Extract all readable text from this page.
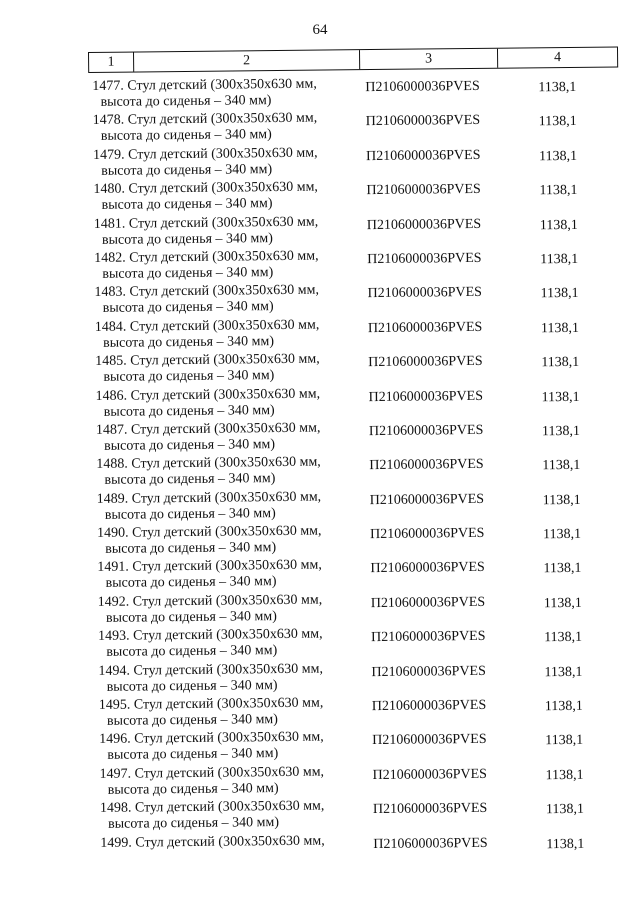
64
1	2	3	4
1477. Стул детский (300x350x630 мм,
высота до сиденья – 340 мм)
П2106000036PVES	1138,1
1478. Стул детский (300x350x630 мм,
высота до сиденья – 340 мм)
П2106000036PVES	1138,1
1479. Стул детский (300x350x630 мм,
высота до сиденья – 340 мм)
П2106000036PVES	1138,1
1480. Стул детский (300x350x630 мм,
высота до сиденья – 340 мм)
П2106000036PVES	1138,1
1481. Стул детский (300x350x630 мм,
высота до сиденья – 340 мм)
П2106000036PVES	1138,1
1482. Стул детский (300x350x630 мм,
высота до сиденья – 340 мм)
П2106000036PVES	1138,1
1483. Стул детский (300x350x630 мм,
высота до сиденья – 340 мм)
П2106000036PVES	1138,1
1484. Стул детский (300x350x630 мм,
высота до сиденья – 340 мм)
П2106000036PVES	1138,1
1485. Стул детский (300x350x630 мм,
высота до сиденья – 340 мм)
П2106000036PVES	1138,1
1486. Стул детский (300x350x630 мм,
высота до сиденья – 340 мм)
П2106000036PVES	1138,1
1487. Стул детский (300x350x630 мм,
высота до сиденья – 340 мм)
П2106000036PVES	1138,1
1488. Стул детский (300x350x630 мм,
высота до сиденья – 340 мм)
П2106000036PVES	1138,1
1489. Стул детский (300x350x630 мм,
высота до сиденья – 340 мм)
П2106000036PVES	1138,1
1490. Стул детский (300x350x630 мм,
высота до сиденья – 340 мм)
П2106000036PVES	1138,1
1491. Стул детский (300x350x630 мм,
высота до сиденья – 340 мм)
П2106000036PVES	1138,1
1492. Стул детский (300x350x630 мм,
высота до сиденья – 340 мм)
П2106000036PVES	1138,1
1493. Стул детский (300x350x630 мм,
высота до сиденья – 340 мм)
П2106000036PVES	1138,1
1494. Стул детский (300x350x630 мм,
высота до сиденья – 340 мм)
П2106000036PVES	1138,1
1495. Стул детский (300x350x630 мм,
высота до сиденья – 340 мм)
П2106000036PVES	1138,1
1496. Стул детский (300x350x630 мм,
высота до сиденья – 340 мм)
П2106000036PVES	1138,1
1497. Стул детский (300x350x630 мм,
высота до сиденья – 340 мм)
П2106000036PVES	1138,1
1498. Стул детский (300x350x630 мм,
высота до сиденья – 340 мм)
П2106000036PVES	1138,1
1499. Стул детский (300x350x630 мм,	П2106000036PVES	1138,1
